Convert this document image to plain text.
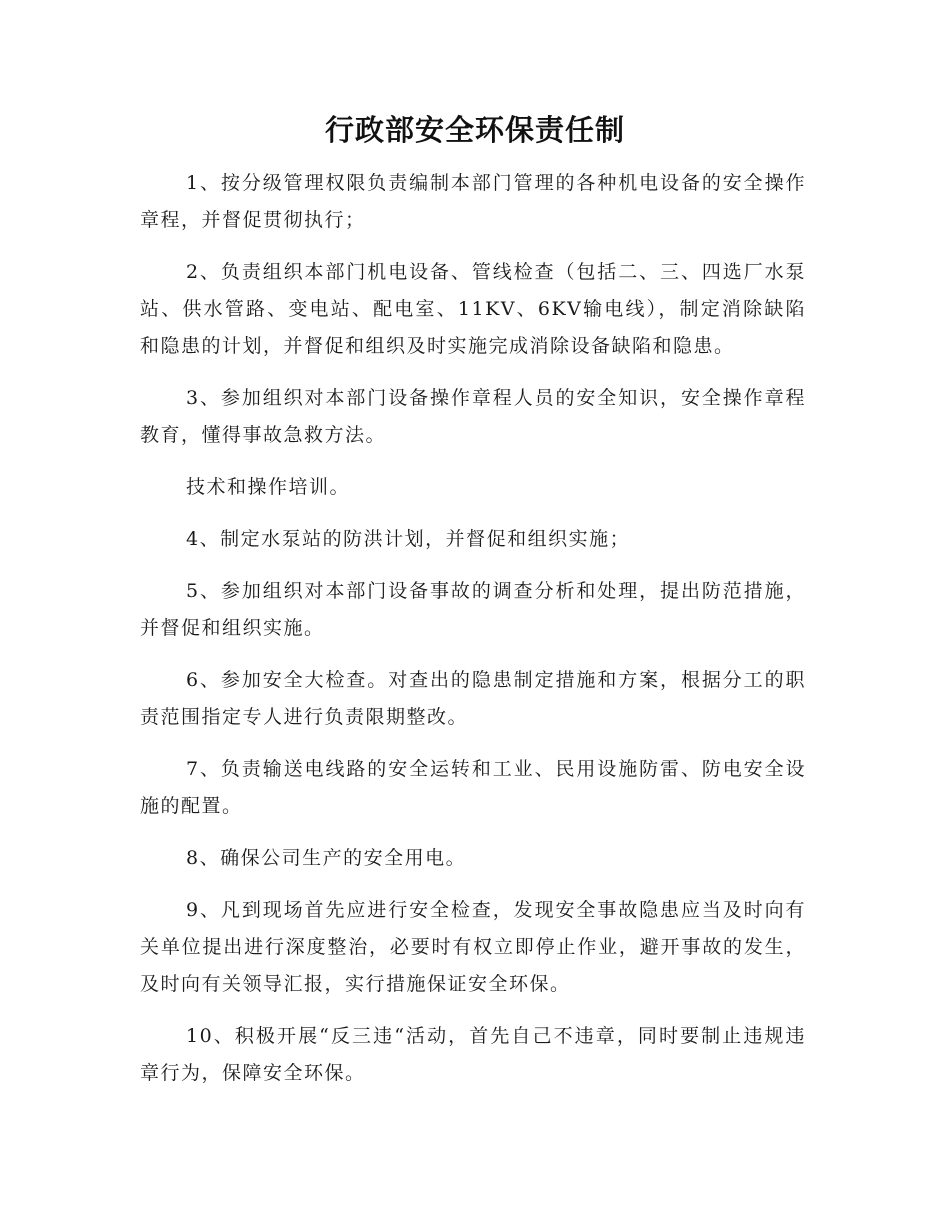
行政部安全环保责任制

1、按分级管理权限负责编制本部门管理的各种机电设备的安全操作章程，并督促贯彻执行；

2、负责组织本部门机电设备、管线检查（包括二、三、四选厂水泵站、供水管路、变电站、配电室、11KV、6KV输电线），制定消除缺陷和隐患的计划，并督促和组织及时实施完成消除设备缺陷和隐患。

3、参加组织对本部门设备操作章程人员的安全知识，安全操作章程教育，懂得事故急救方法。

技术和操作培训。

4、制定水泵站的防洪计划，并督促和组织实施；

5、参加组织对本部门设备事故的调查分析和处理，提出防范措施，并督促和组织实施。

6、参加安全大检查。对查出的隐患制定措施和方案，根据分工的职责范围指定专人进行负责限期整改。

7、负责输送电线路的安全运转和工业、民用设施防雷、防电安全设施的配置。

8、确保公司生产的安全用电。

9、凡到现场首先应进行安全检查，发现安全事故隐患应当及时向有关单位提出进行深度整治，必要时有权立即停止作业，避开事故的发生，及时向有关领导汇报，实行措施保证安全环保。

10、积极开展“反三违“活动，首先自己不违章，同时要制止违规违章行为，保障安全环保。
